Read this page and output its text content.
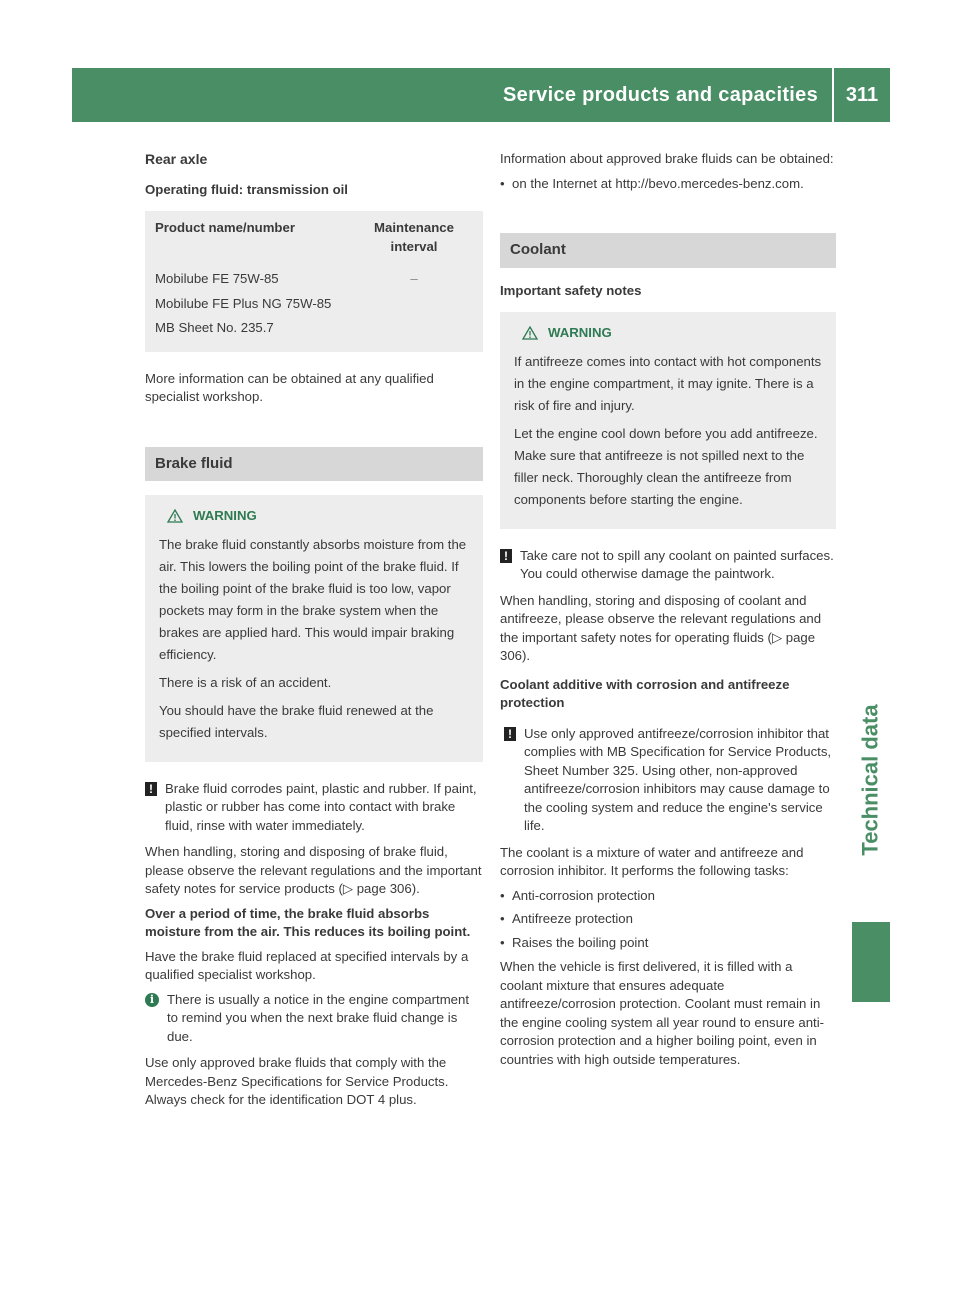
Service products and capacities	311
Technical data
Rear axle
Operating fluid: transmission oil
Product name/number	Maintenance interval
Mobilube FE 75W-85
Mobilube FE Plus NG 75W-85
MB Sheet No. 235.7
–

More information can be obtained at any qualified specialist workshop.

Brake fluid
WARNING

The brake fluid constantly absorbs moisture from the air. This lowers the boiling point of the brake fluid. If the boiling point of the brake fluid is too low, vapor pockets may form in the brake system when the brakes are applied hard. This would impair braking efficiency.

There is a risk of an accident.

You should have the brake fluid renewed at the specified intervals.

! Brake fluid corrodes paint, plastic and rubber. If paint, plastic or rubber has come into contact with brake fluid, rinse with water immediately.

When handling, storing and disposing of brake fluid, please observe the relevant regulations and the important safety notes for service products (▷ page 306).

Over a period of time, the brake fluid absorbs moisture from the air. This reduces its boiling point.

Have the brake fluid replaced at specified intervals by a qualified specialist workshop.

i There is usually a notice in the engine compartment to remind you when the next brake fluid change is due.

Use only approved brake fluids that comply with the Mercedes-Benz Specifications for Service Products. Always check for the identification DOT 4 plus.

Information about approved brake fluids can be obtained:

• on the Internet at http://bevo.mercedes-benz.com.
Coolant
Important safety notes
WARNING

If antifreeze comes into contact with hot components in the engine compartment, it may ignite. There is a risk of fire and injury.

Let the engine cool down before you add antifreeze. Make sure that antifreeze is not spilled next to the filler neck. Thoroughly clean the antifreeze from components before starting the engine.

! Take care not to spill any coolant on painted surfaces. You could otherwise damage the paintwork.

When handling, storing and disposing of coolant and antifreeze, please observe the relevant regulations and the important safety notes for operating fluids (▷ page 306).

Coolant additive with corrosion and antifreeze protection
! Use only approved antifreeze/corrosion inhibitor that complies with MB Specification for Service Products, Sheet Number 325. Using other, non-approved antifreeze/corrosion inhibitors may cause damage to the cooling system and reduce the engine's service life.

The coolant is a mixture of water and antifreeze and corrosion inhibitor. It performs the following tasks:

• Anti-corrosion protection
• Antifreeze protection
• Raises the boiling point

When the vehicle is first delivered, it is filled with a coolant mixture that ensures adequate antifreeze/corrosion protection. Coolant must remain in the engine cooling system all year round to ensure anti-corrosion protection and a higher boiling point, even in countries with high outside temperatures.
